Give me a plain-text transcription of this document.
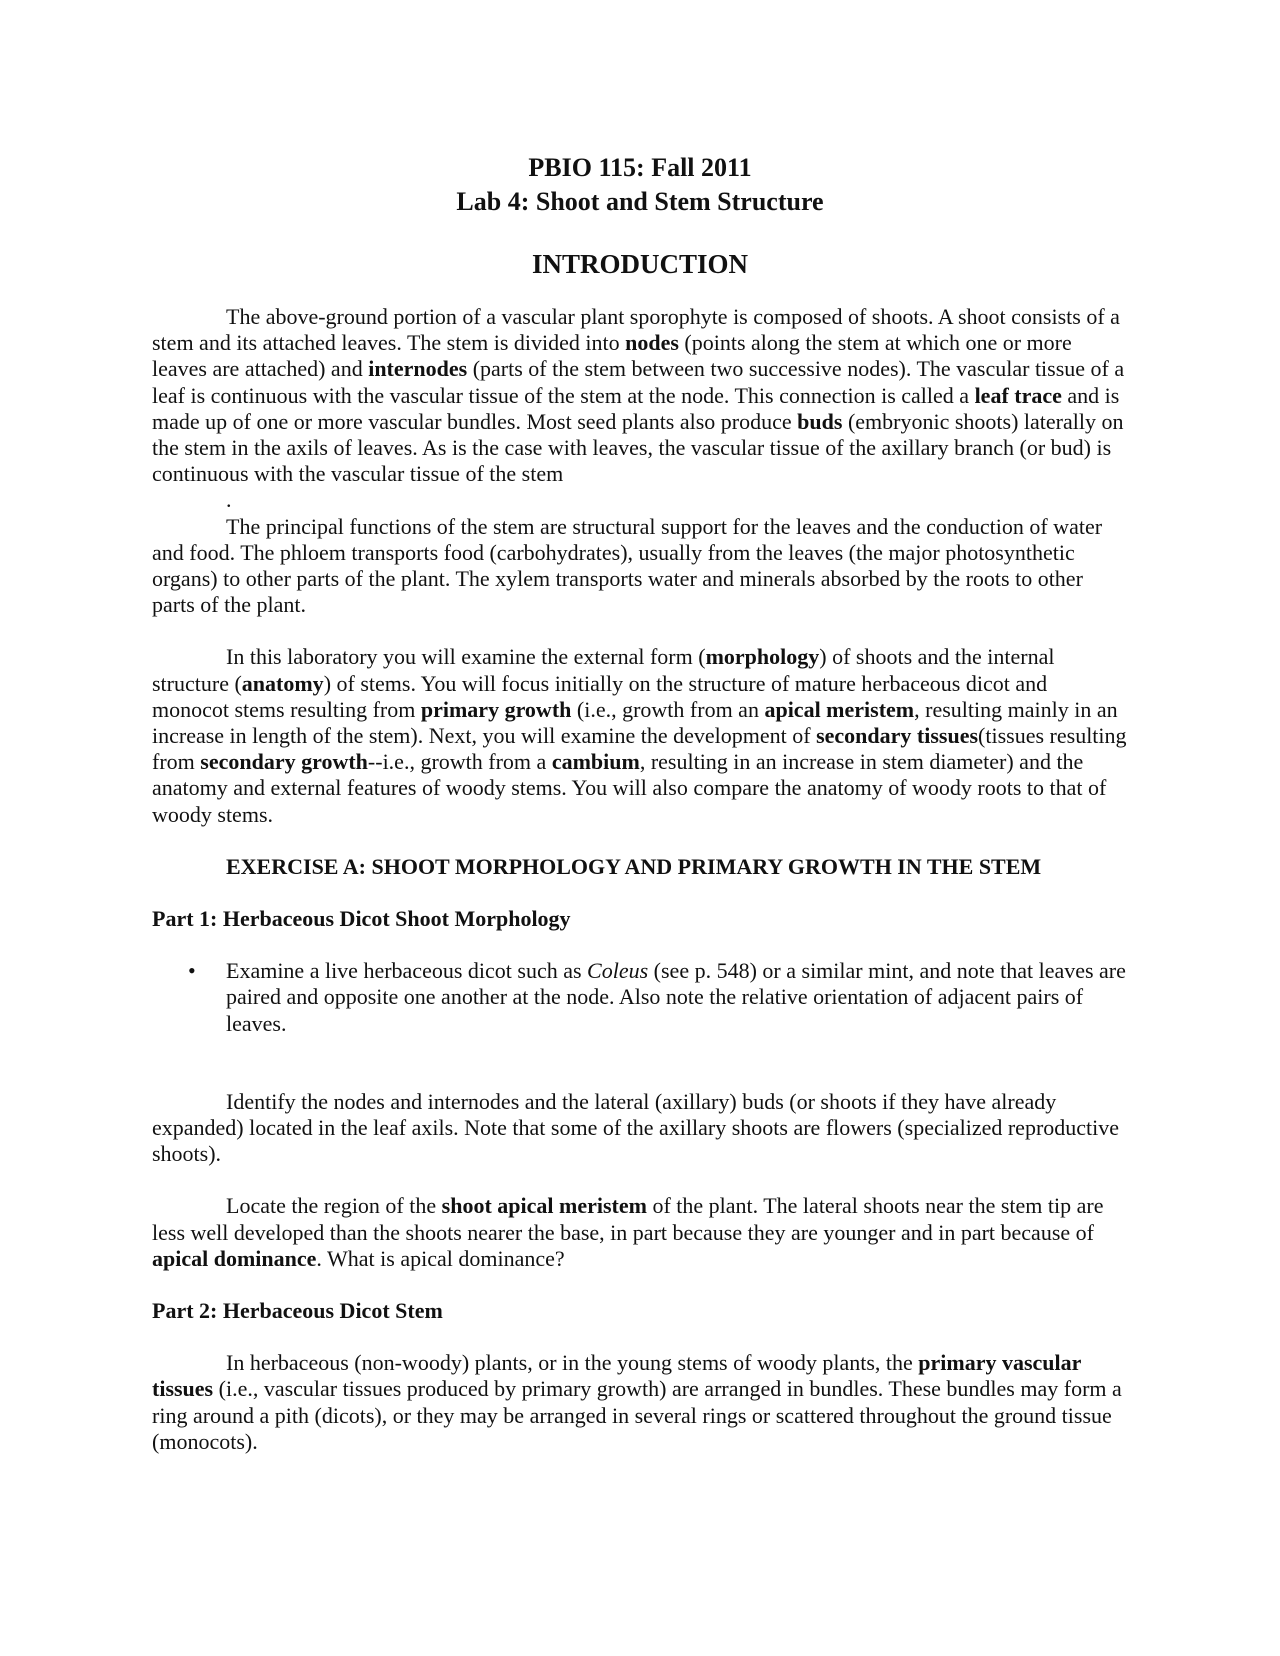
PBIO 115: Fall 2011
Lab 4: Shoot and Stem Structure
INTRODUCTION

The above-ground portion of a vascular plant sporophyte is composed of shoots. A shoot consists of a stem and its attached leaves. The stem is divided into nodes (points along the stem at which one or more leaves are attached) and internodes (parts of the stem between two successive nodes). The vascular tissue of a leaf is continuous with the vascular tissue of the stem at the node. This connection is called a leaf trace and is made up of one or more vascular bundles. Most seed plants also produce buds (embryonic shoots) laterally on the stem in the axils of leaves. As is the case with leaves, the vascular tissue of the axillary branch (or bud) is continuous with the vascular tissue of the stem

.

The principal functions of the stem are structural support for the leaves and the conduction of water and food. The phloem transports food (carbohydrates), usually from the leaves (the major photosynthetic organs) to other parts of the plant. The xylem transports water and minerals absorbed by the roots to other parts of the plant.

In this laboratory you will examine the external form (morphology) of shoots and the internal structure (anatomy) of stems. You will focus initially on the structure of mature herbaceous dicot and monocot stems resulting from primary growth (i.e., growth from an apical meristem, resulting mainly in an increase in length of the stem). Next, you will examine the development of secondary tissues(tissues resulting from secondary growth--i.e., growth from a cambium, resulting in an increase in stem diameter) and the anatomy and external features of woody stems. You will also compare the anatomy of woody roots to that of woody stems.

EXERCISE A: SHOOT MORPHOLOGY AND PRIMARY GROWTH IN THE STEM
Part 1: Herbaceous Dicot Shoot Morphology
• Examine a live herbaceous dicot such as Coleus (see p. 548) or a similar mint, and note that leaves are paired and opposite one another at the node. Also note the relative orientation of adjacent pairs of leaves.

Identify the nodes and internodes and the lateral (axillary) buds (or shoots if they have already expanded) located in the leaf axils. Note that some of the axillary shoots are flowers (specialized reproductive shoots).

Locate the region of the shoot apical meristem of the plant. The lateral shoots near the stem tip are less well developed than the shoots nearer the base, in part because they are younger and in part because of apical dominance. What is apical dominance?

Part 2: Herbaceous Dicot Stem

In herbaceous (non-woody) plants, or in the young stems of woody plants, the primary vascular tissues (i.e., vascular tissues produced by primary growth) are arranged in bundles. These bundles may form a ring around a pith (dicots), or they may be arranged in several rings or scattered throughout the ground tissue (monocots).
